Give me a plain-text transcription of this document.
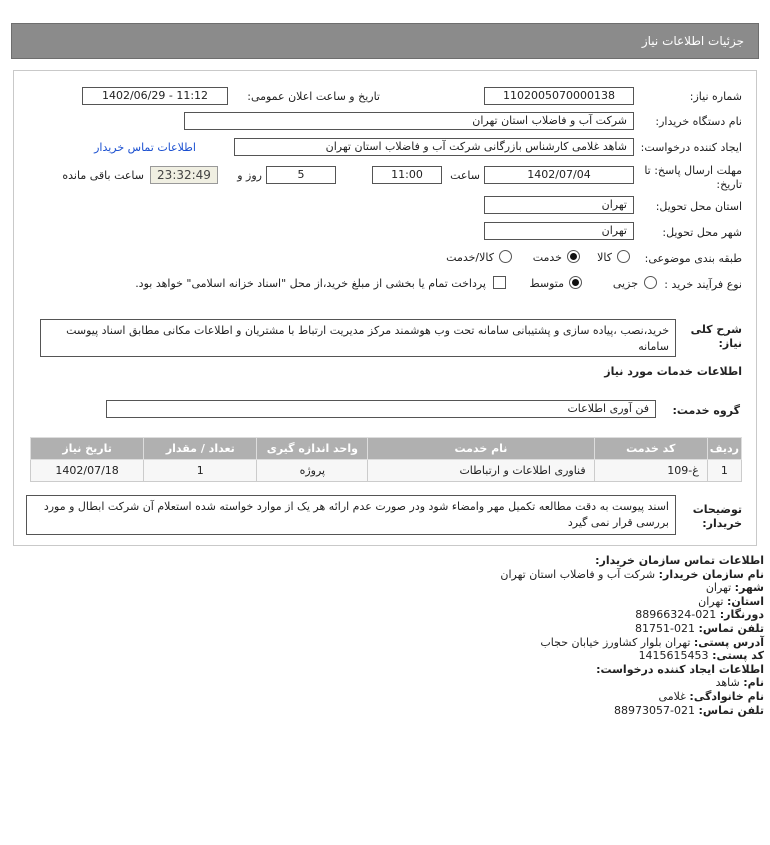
جزئیات اطلاعات نیاز
شماره نیاز:
1102005070000138
تاریخ و ساعت اعلان عمومی:
1402/06/29 - 11:12
نام دستگاه خریدار:
شرکت آب و فاضلاب استان تهران
ایجاد کننده درخواست:
شاهد غلامی کارشناس بازرگانی شرکت آب و فاضلاب استان تهران
اطلاعات تماس خریدار
مهلت ارسال پاسخ: تا
تاریخ:
1402/07/04
ساعت
11:00
5
روز و
23:32:49
ساعت باقی مانده
استان محل تحویل:
تهران
شهر محل تحویل:
تهران
طبقه بندی موضوعی:
کالا
خدمت
کالا/خدمت
نوع فرآیند خرید :
جزیی
متوسط
پرداخت تمام یا بخشی از مبلغ خرید،از محل "اسناد خزانه اسلامی" خواهد بود.
شرح کلی
نیاز:
خرید،نصب ،پیاده سازی و پشتیبانی سامانه تحت وب هوشمند مرکز مدیریت ارتباط با مشتریان و اطلاعات مکانی مطابق اسناد پیوست سامانه
اطلاعات خدمات مورد نیاز
گروه خدمت:
فن آوری اطلاعات
ردیف	کد خدمت	نام خدمت	واحد اندازه گیری	تعداد / مقدار	تاریخ نیاز
1	غ-109	فناوری اطلاعات و ارتباطات	پروژه	1	1402/07/18
توضیحات
خریدار:
اسند پیوست به دقت مطالعه تکمیل مهر وامضاء شود ودر صورت عدم ارائه هر یک از موارد خواسته شده استعلام آن شرکت ابطال و مورد بررسی قرار نمی گیرد
اطلاعات تماس سازمان خریدار:
نام سازمان خریدار: شرکت آب و فاضلاب استان تهران
شهر: تهران
استان: تهران
دورنگار: 021-88966324
تلفن تماس: 021-81751
آدرس پستی: تهران بلوار کشاورز خیابان حجاب
کد پستی: 1415615453
اطلاعات ایجاد کننده درخواست:
نام: شاهد
نام خانوادگی: غلامی
تلفن تماس: 021-88973057
